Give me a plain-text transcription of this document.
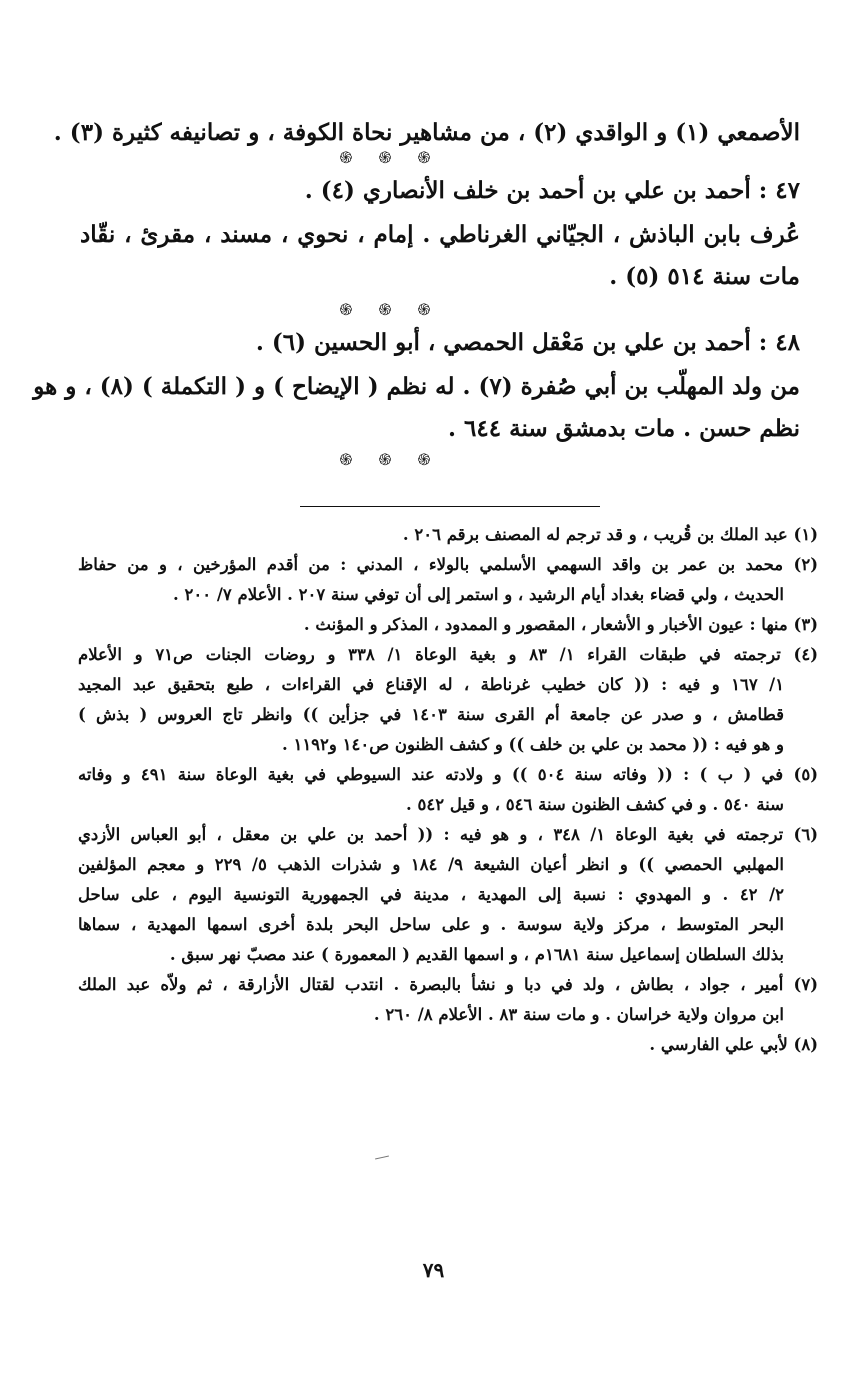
الأصمعي (١) و الواقدي (٢) ، من مشاهير نحاة الكوفة ، و تصانيفه كثيرة (٣) .
֍
֍
֍
٤٧ : أحمد بن علي بن أحمد بن خلف الأنصاري (٤) .
عُرف بابن الباذش ، الجيّاني الغرناطي . إمام ، نحوي ، مسند ، مقرئ ، نقّاد
مات سنة ٥١٤ (٥) .
֍
֍
֍
٤٨ : أحمد بن علي بن مَعْقل الحمصي ، أبو الحسين (٦) .
من ولد المهلّب بن أبي صُفرة (٧) . له نظم ( الإيضاح ) و ( التكملة ) (٨) ، و هو
نظم حسن . مات بدمشق سنة ٦٤٤ .
֍
֍
֍
(١) عبد الملك بن قُريب ، و قد ترجم له المصنف برقم ٢٠٦ .
(٢) محمد بن عمر بن واقد السهمي الأسلمي بالولاء ، المدني : من أقدم المؤرخين ، و من حفاظ
الحديث ، ولي قضاء بغداد أيام الرشيد ، و استمر إلى أن توفي سنة ٢٠٧ . الأعلام ٧/ ٢٠٠ .
(٣) منها : عيون الأخبار و الأشعار ، المقصور و الممدود ، المذكر و المؤنث .
(٤) ترجمته في طبقات القراء ١/ ٨٣ و بغية الوعاة ١/ ٣٣٨ و روضات الجنات ص٧١ و الأعلام
١/ ١٦٧ و فيه : (( كان خطيب غرناطة ، له الإقناع في القراءات ، طبع بتحقيق عبد المجيد
قطامش ، و صدر عن جامعة أم القرى سنة ١٤٠٣ في جزأين )) وانظر تاج العروس ( بذش )
و هو فيه : (( محمد بن علي بن خلف )) و كشف الظنون ص١٤٠ و١١٩٢ .
(٥) في ( ب ) : (( وفاته سنة ٥٠٤ )) و ولادته عند السيوطي في بغية الوعاة سنة ٤٩١ و وفاته
سنة ٥٤٠ . و في كشف الظنون سنة ٥٤٦ ، و قيل ٥٤٢ .
(٦) ترجمته في بغية الوعاة ١/ ٣٤٨ ، و هو فيه : (( أحمد بن علي بن معقل ، أبو العباس الأزدي
المهلبي الحمصي )) و انظر أعيان الشيعة ٩/ ١٨٤ و شذرات الذهب ٥/ ٢٢٩ و معجم المؤلفين
٢/ ٤٢ . و المهدوي : نسبة إلى المهدية ، مدينة في الجمهورية التونسية اليوم ، على ساحل
البحر المتوسط ، مركز ولاية سوسة . و على ساحل البحر بلدة أخرى اسمها المهدية ، سماها
بذلك السلطان إسماعيل سنة ١٦٨١م ، و اسمها القديم ( المعمورة ) عند مصبّ نهر سبق .
(٧) أمير ، جواد ، بطاش ، ولد في دبا و نشأ بالبصرة . انتدب لقتال الأزارقة ، ثم ولاّه عبد الملك
ابن مروان ولاية خراسان . و مات سنة ٨٣ . الأعلام ٨/ ٢٦٠ .
(٨) لأبي علي الفارسي .
٧٩
